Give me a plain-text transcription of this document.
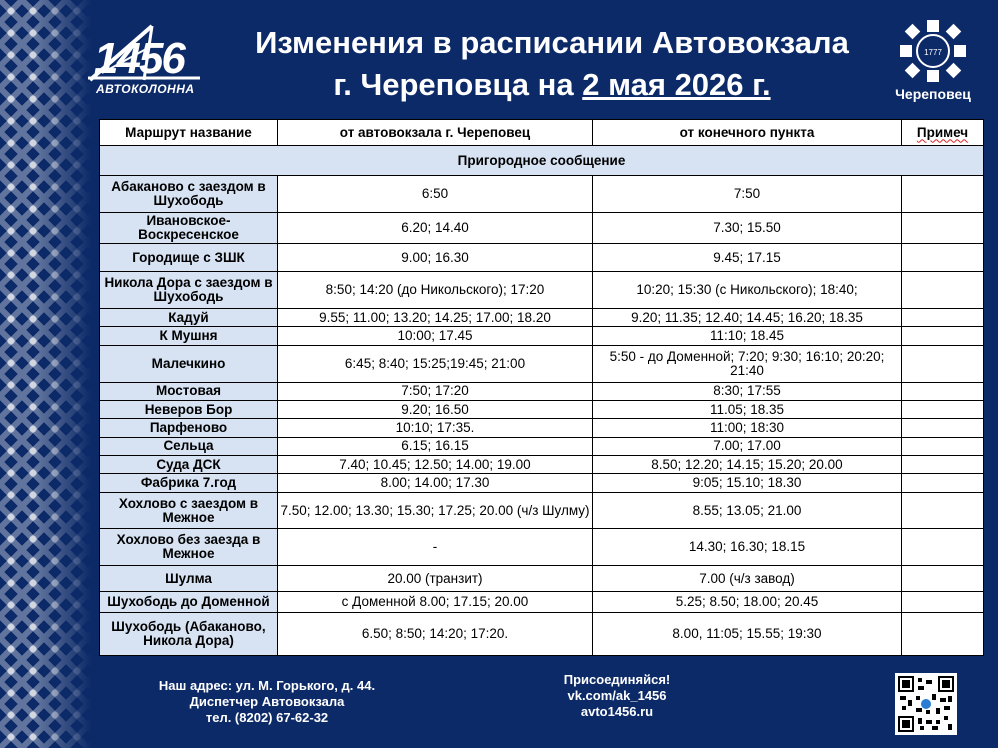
1456
АВТОКОЛОННА
Изменения в расписании Автовокзала
г. Череповца на 2 мая 2026 г.
1777
Череповец
Маршрут название	от автовокзала г. Череповец	от конечного пункта	Примеч
Пригородное сообщение			
Абаканово с заездом в Шухободь	6:50	7:50	
Ивановское-Воскресенское	6.20; 14.40	7.30; 15.50	
Городище с ЗШК	9.00; 16.30	9.45; 17.15	
Никола Дора с заездом в Шухободь	8:50; 14:20 (до Никольского); 17:20	10:20; 15:30 (с Никольского); 18:40;	
Кадуй	9.55; 11.00; 13.20; 14.25; 17.00; 18.20	9.20; 11.35; 12.40; 14.45; 16.20; 18.35	
К Мушня	10:00; 17.45	11:10; 18.45	
Малечкино	6:45; 8:40; 15:25;19:45; 21:00	5:50 - до Доменной; 7:20; 9:30; 16:10; 20:20; 21:40	
Мостовая	7:50; 17:20	8:30; 17:55	
Неверов Бор	9.20; 16.50	11.05; 18.35	
Парфеново	10:10; 17:35.	11:00; 18:30	
Сельца	6.15; 16.15	7.00; 17.00	
Суда ДСК	7.40; 10.45; 12.50; 14.00; 19.00	8.50; 12.20; 14.15; 15.20; 20.00	
Фабрика 7.год	8.00; 14.00; 17.30	9:05; 15.10; 18.30	
Хохлово с заездом в Межное	7.50; 12.00; 13.30; 15.30; 17.25; 20.00 (ч/з Шулму)	8.55; 13.05; 21.00	
Хохлово без заезда в Межное	-	14.30; 16.30; 18.15	
Шулма	20.00 (транзит)	7.00 (ч/з завод)	
Шухободь до Доменной	с Доменной 8.00; 17.15; 20.00	5.25; 8.50; 18.00; 20.45	
Шухободь (Абаканово, Никола Дора)	6.50; 8:50; 14:20; 17:20.	8.00, 11:05; 15.55; 19:30	
Наш адрес: ул. М. Горького, д. 44.
Диспетчер Автовокзала
тел. (8202) 67-62-32
Присоединяйся!
vk.com/ak_1456
avto1456.ru
